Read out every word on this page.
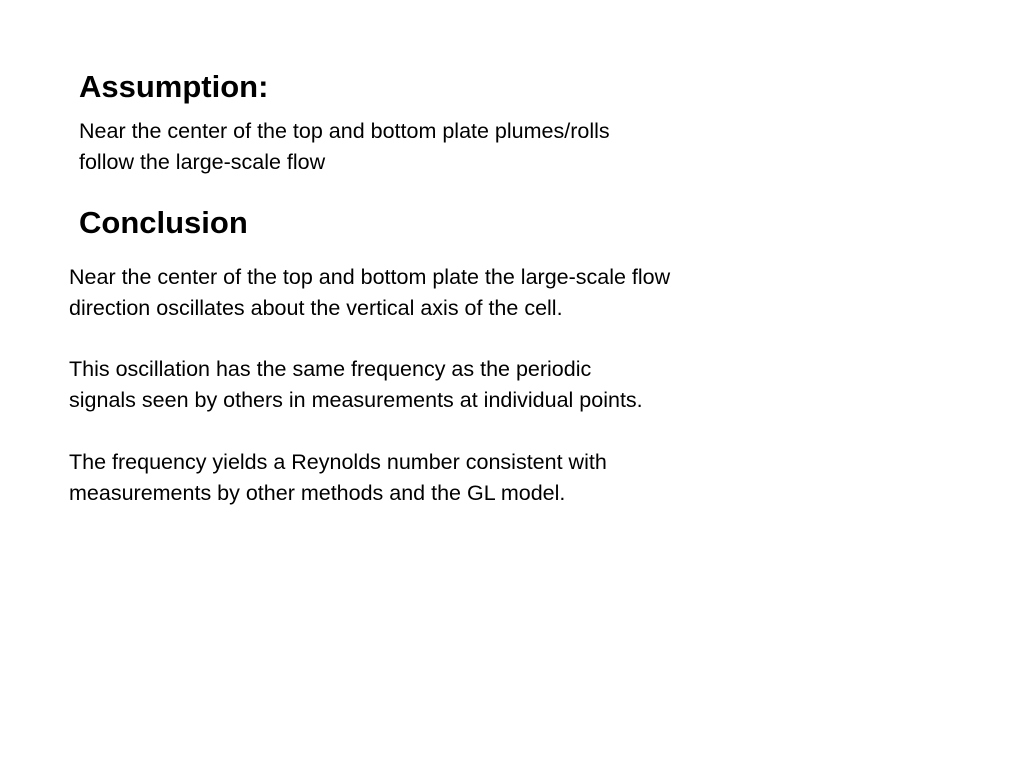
Assumption:

Near the center of the top and bottom plate plumes/rolls
follow the large-scale flow

Conclusion

Near the center of the top and bottom plate the large-scale flow
direction oscillates about the vertical axis of the cell.

This oscillation has the same frequency as the periodic
signals seen by others in measurements at individual points.

The frequency yields a Reynolds number consistent with
measurements by other methods and the GL model.
